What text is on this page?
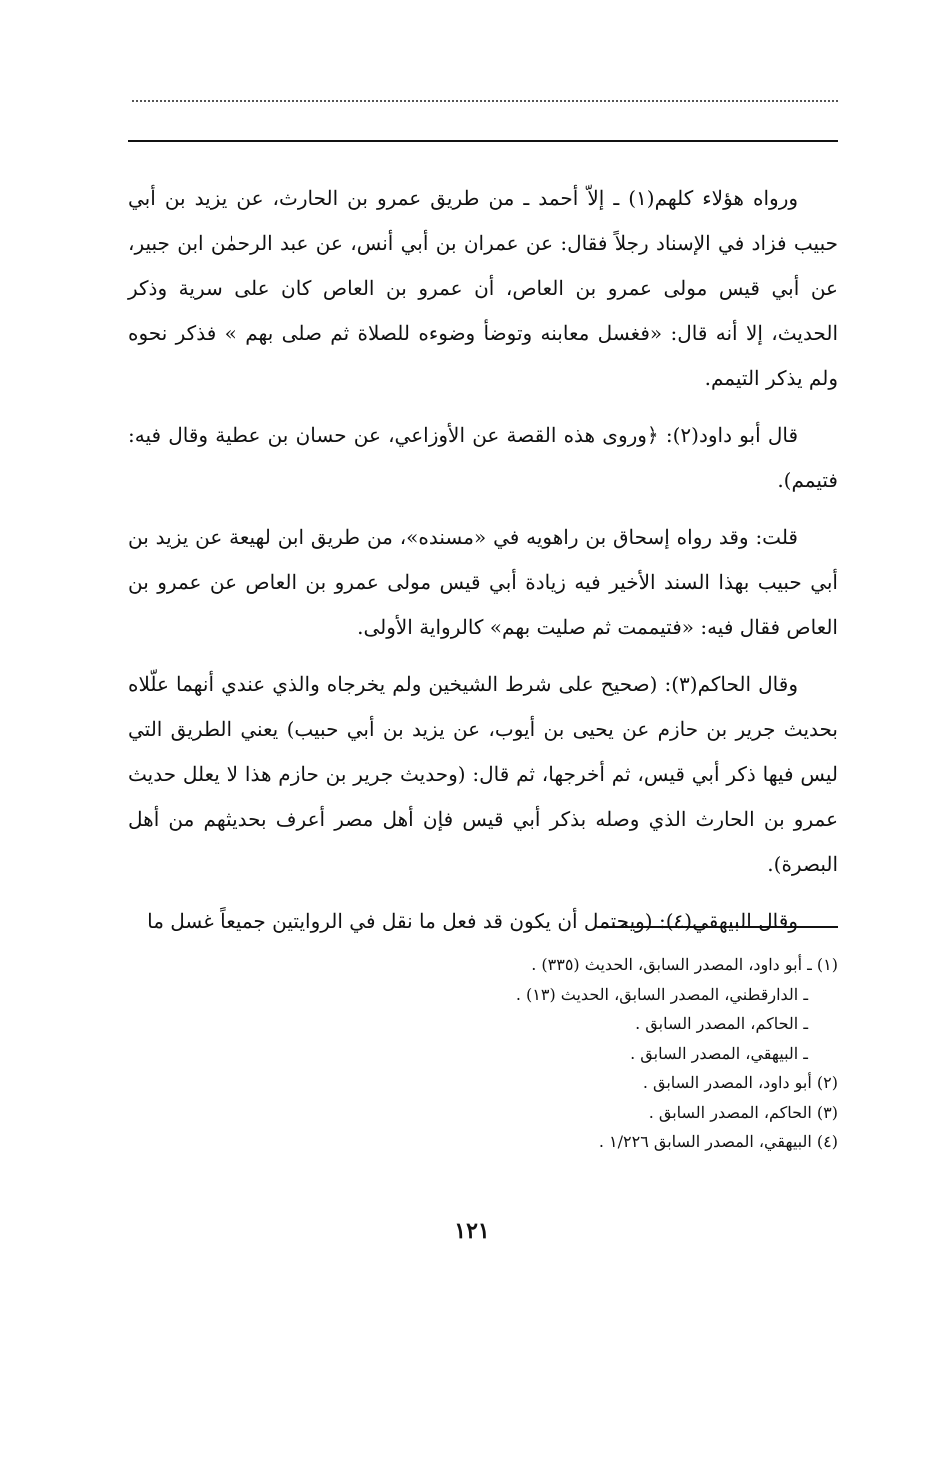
ورواه هؤلاء كلهم(١) ـ إلاّ أحمد ـ من طريق عمرو بن الحارث، عن يزيد بن أبي حبيب فزاد في الإسناد رجلاً فقال: عن عمران بن أبي أنس، عن عبد الرحمٰن ابن جبير، عن أبي قيس مولى عمرو بن العاص، أن عمرو بن العاص كان على سرية وذكر الحديث، إلا أنه قال: «فغسل معابنه وتوضأ وضوءه للصلاة ثم صلى بهم » فذكر نحوه ولم يذكر التيمم.

قال أبو داود(٢): ﴿وروى هذه القصة عن الأوزاعي، عن حسان بن عطية وقال فيه: فتيمم).

قلت: وقد رواه إسحاق بن راهويه في «مسنده»، من طريق ابن لهيعة عن يزيد بن أبي حبيب بهذا السند الأخير فيه زيادة أبي قيس مولى عمرو بن العاص عن عمرو بن العاص فقال فيه: «فتيممت ثم صليت بهم» كالرواية الأولى.

وقال الحاكم(٣): (صحيح على شرط الشيخين ولم يخرجاه والذي عندي أنهما علّلاه بحديث جرير بن حازم عن يحيى بن أيوب، عن يزيد بن أبي حبيب) يعني الطريق التي ليس فيها ذكر أبي قيس، ثم أخرجها، ثم قال: (وحديث جرير بن حازم هذا لا يعلل حديث عمرو بن الحارث الذي وصله بذكر أبي قيس فإن أهل مصر أعرف بحديثهم من أهل البصرة).

وقال البيهقي(٤): (ويحتمل أن يكون قد فعل ما نقل في الروايتين جميعاً غسل ما

(١) ـ أبو داود، المصدر السابق، الحديث (٣٣٥) .

ـ الدارقطني، المصدر السابق، الحديث (١٣) .

ـ الحاكم، المصدر السابق .

ـ البيهقي، المصدر السابق .

(٢) أبو داود، المصدر السابق .

(٣) الحاكم، المصدر السابق .

(٤) البيهقي، المصدر السابق ١/٢٢٦ .

١٢١
